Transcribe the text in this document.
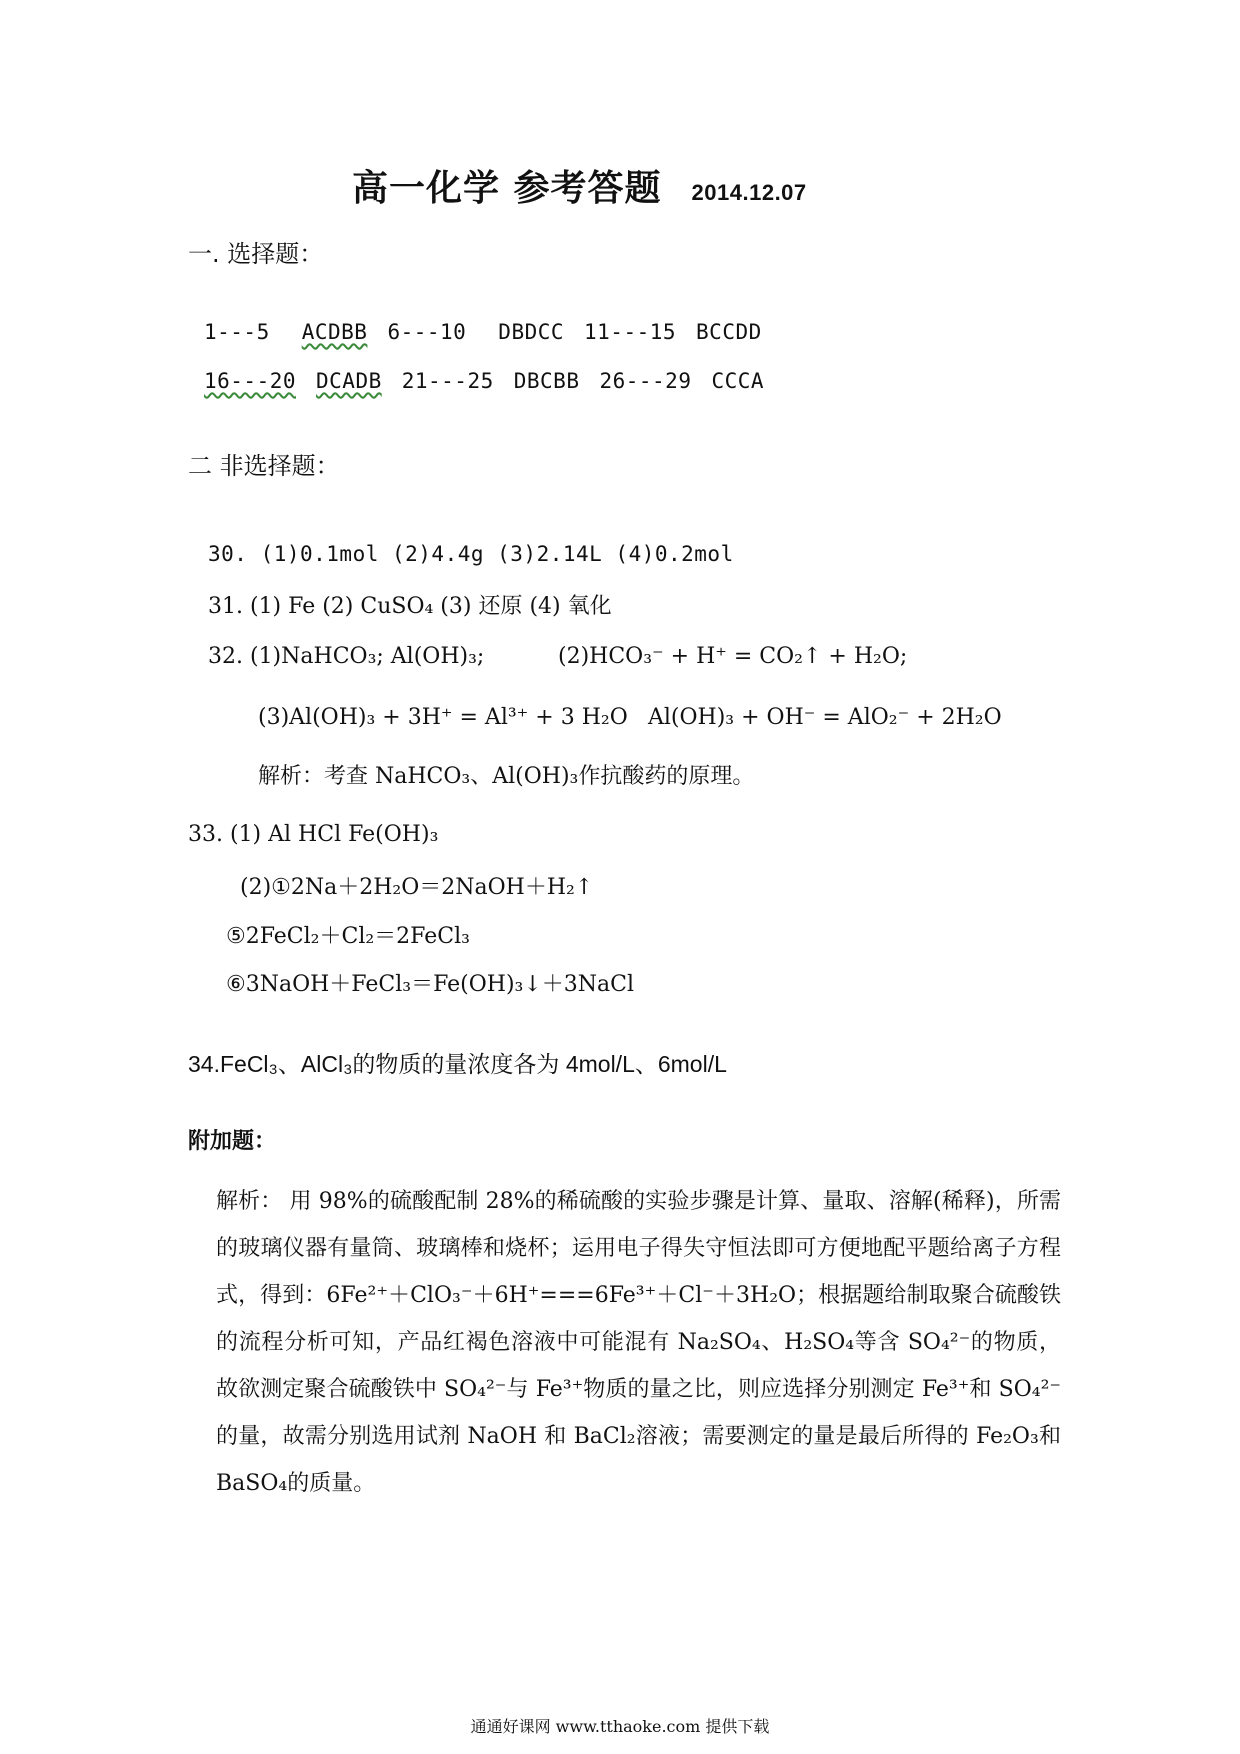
高一化学 参考答题 2014.12.07
一. 选择题：
1---5 ACDBB 6---10 DBDCC 11---15 BCCDD
16---20 DCADB 21---25 DBCBB 26---29 CCCA
二 非选择题：
30. (1)0.1mol (2)4.4g (3)2.14L (4)0.2mol
31. (1) Fe (2) CuSO₄ (3) 还原 (4) 氧化
32. (1)NaHCO₃; Al(OH)₃;	(2)HCO₃⁻ + H⁺ = CO₂↑ + H₂O;
(3)Al(OH)₃ + 3H⁺ = Al³⁺ + 3 H₂O Al(OH)₃ + OH⁻ = AlO₂⁻ + 2H₂O
解析：考查 NaHCO₃、Al(OH)₃作抗酸药的原理。
33. (1) Al HCl Fe(OH)₃
(2)①2Na＋2H₂O＝2NaOH＋H₂↑
⑤2FeCl₂＋Cl₂＝2FeCl₃
⑥3NaOH＋FeCl₃＝Fe(OH)₃↓＋3NaCl
34.FeCl₃、AlCl₃的物质的量浓度各为 4mol/L、6mol/L
附加题：
解析： 用 98%的硫酸配制 28%的稀硫酸的实验步骤是计算、量取、溶解(稀释)，所需的玻璃仪器有量筒、玻璃棒和烧杯；运用电子得失守恒法即可方便地配平题给离子方程式，得到：6Fe²⁺＋ClO₃⁻＋6H⁺===6Fe³⁺＋Cl⁻＋3H₂O；根据题给制取聚合硫酸铁的流程分析可知，产品红褐色溶液中可能混有 Na₂SO₄、H₂SO₄等含 SO₄²⁻的物质，故欲测定聚合硫酸铁中 SO₄²⁻与 Fe³⁺物质的量之比，则应选择分别测定 Fe³⁺和 SO₄²⁻的量，故需分别选用试剂 NaOH 和 BaCl₂溶液；需要测定的量是最后所得的 Fe₂O₃和 BaSO₄的质量。
通通好课网 www.tthaoke.com 提供下载
